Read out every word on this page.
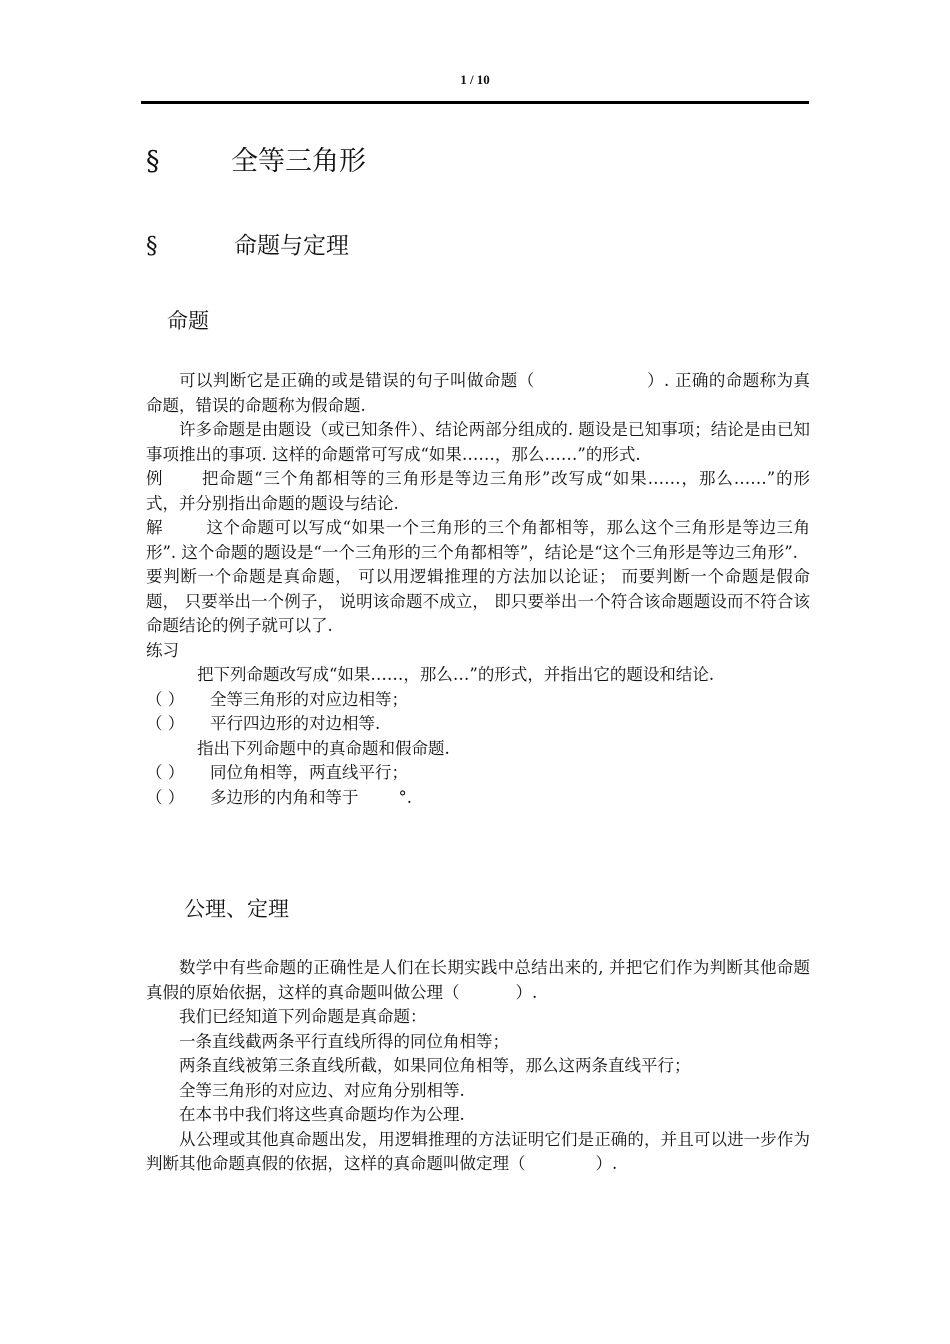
1 / 10
§	全等三角形
§	命题与定理
命题

可以判断它是正确的或是错误的句子叫做命题（	）. 正确的命题称为真命题，错误的命题称为假命题.

许多命题是由题设（或已知条件）、结论两部分组成的. 题设是已知事项；结论是由已知事项推出的事项. 这样的命题常可写成“如果……，那么……”的形式.

例 把命题“三个角都相等的三角形是等边三角形”改写成“如果……，那么……”的形式，并分别指出命题的题设与结论.

解	这个命题可以写成“如果一个三角形的三个角都相等，那么这个三角形是等边三角形”. 这个命题的题设是“一个三角形的三个角都相等”，结论是“这个三角形是等边三角形”.

要判断一个命题是真命题， 可以用逻辑推理的方法加以论证； 而要判断一个命题是假命题， 只要举出一个例子， 说明该命题不成立， 即只要举出一个符合该命题题设而不符合该命题结论的例子就可以了.

练习

把下列命题改写成“如果……，那么…”的形式，并指出它的题设和结论.

（ ） 全等三角形的对应边相等；

（ ） 平行四边形的对边相等.

指出下列命题中的真命题和假命题.

（ ） 同位角相等，两直线平行；

（ ） 多边形的内角和等于 °.

公理、定理

数学中有些命题的正确性是人们在长期实践中总结出来的, 并把它们作为判断其他命题真假的原始依据，这样的真命题叫做公理（	）.

我们已经知道下列命题是真命题：

一条直线截两条平行直线所得的同位角相等；

两条直线被第三条直线所截，如果同位角相等，那么这两条直线平行；

全等三角形的对应边、对应角分别相等.

在本书中我们将这些真命题均作为公理.

从公理或其他真命题出发，用逻辑推理的方法证明它们是正确的，并且可以进一步作为判断其他命题真假的依据，这样的真命题叫做定理（	）.
